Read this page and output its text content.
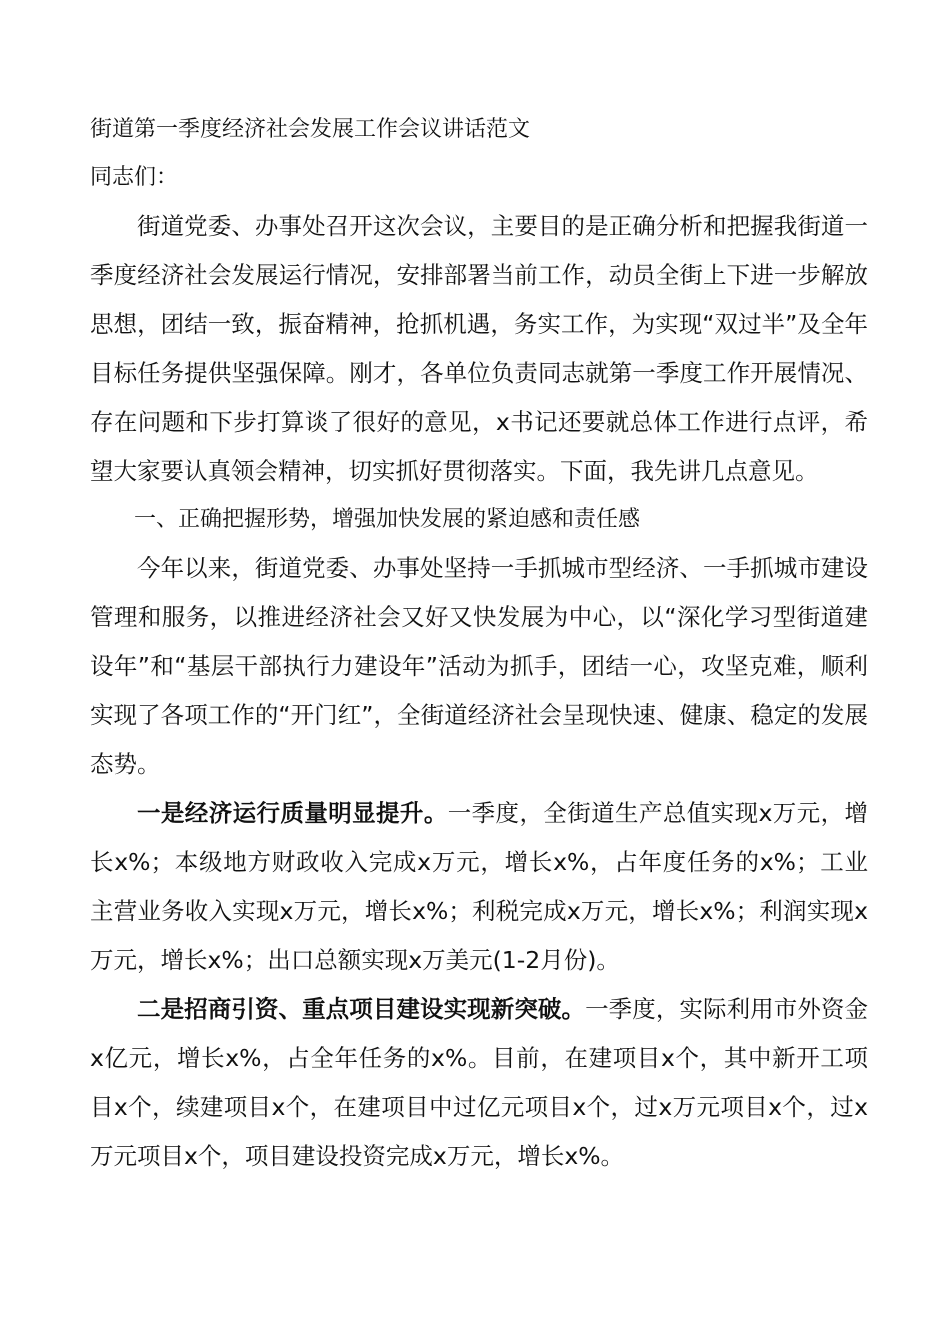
街道第一季度经济社会发展工作会议讲话范文

同志们：

街道党委、办事处召开这次会议，主要目的是正确分析和把握我街道一季度经济社会发展运行情况，安排部署当前工作，动员全街上下进一步解放思想，团结一致，振奋精神，抢抓机遇，务实工作，为实现“双过半”及全年目标任务提供坚强保障。刚才，各单位负责同志就第一季度工作开展情况、存在问题和下步打算谈了很好的意见，x书记还要就总体工作进行点评，希望大家要认真领会精神，切实抓好贯彻落实。下面，我先讲几点意见。

一、正确把握形势，增强加快发展的紧迫感和责任感

今年以来，街道党委、办事处坚持一手抓城市型经济、一手抓城市建设管理和服务，以推进经济社会又好又快发展为中心，以“深化学习型街道建设年”和“基层干部执行力建设年”活动为抓手，团结一心，攻坚克难，顺利实现了各项工作的“开门红”，全街道经济社会呈现快速、健康、稳定的发展态势。

一是经济运行质量明显提升。一季度，全街道生产总值实现x万元，增长x%；本级地方财政收入完成x万元，增长x%，占年度任务的x%；工业主营业务收入实现x万元，增长x%；利税完成x万元，增长x%；利润实现x万元，增长x%；出口总额实现x万美元(1-2月份)。

二是招商引资、重点项目建设实现新突破。一季度，实际利用市外资金x亿元，增长x%，占全年任务的x%。目前，在建项目x个，其中新开工项目x个，续建项目x个，在建项目中过亿元项目x个，过x万元项目x个，过x万元项目x个，项目建设投资完成x万元，增长x%。
